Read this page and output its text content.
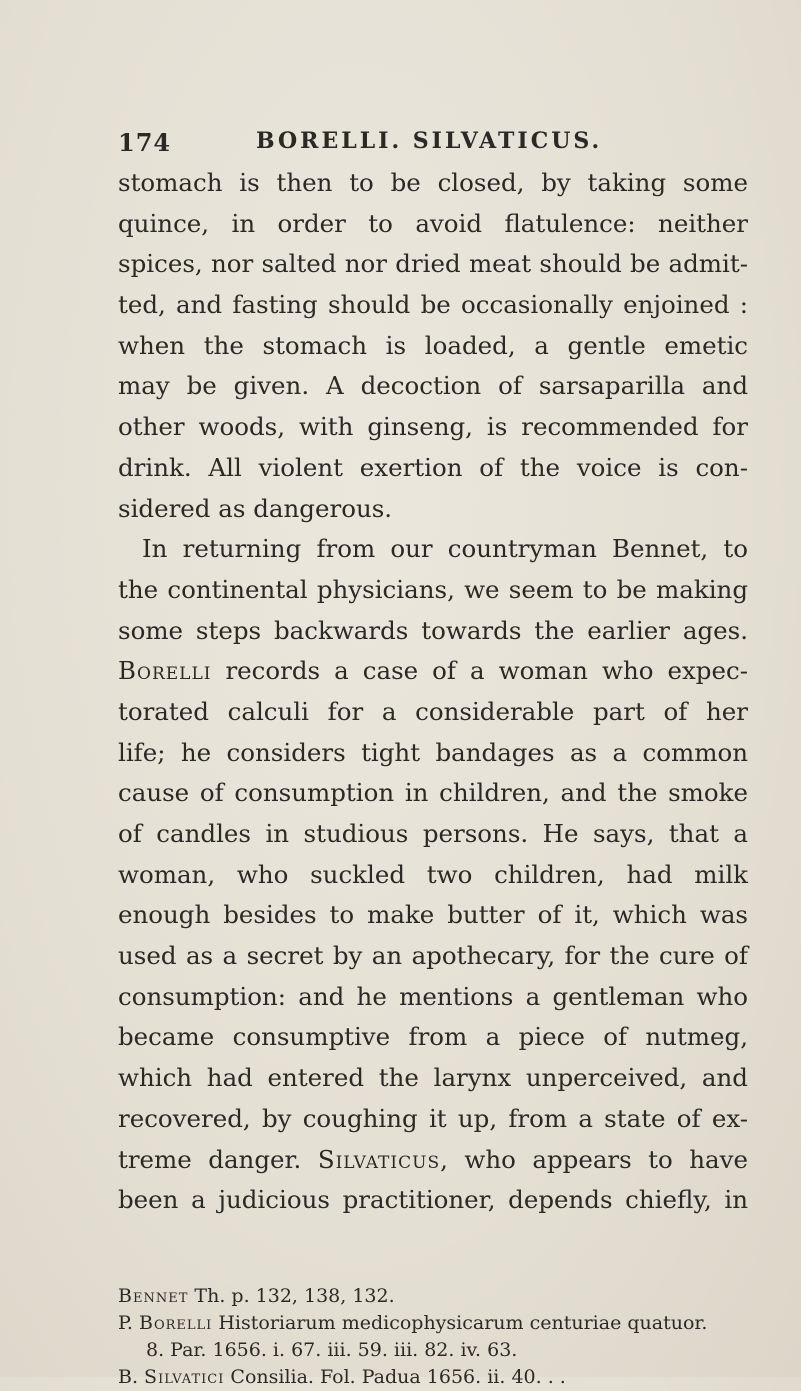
174	BORELLI. SILVATICUS.
stomach is then to be closed, by taking some
quince, in order to avoid flatulence: neither
spices, nor salted nor dried meat should be admit-
ted, and fasting should be occasionally enjoined :
when the stomach is loaded, a gentle emetic
may be given. A decoction of sarsaparilla and
other woods, with ginseng, is recommended for
drink. All violent exertion of the voice is con-
sidered as dangerous.
In returning from our countryman Bennet, to
the continental physicians, we seem to be making
some steps backwards towards the earlier ages.
Borelli records a case of a woman who expec-
torated calculi for a considerable part of her
life; he considers tight bandages as a common
cause of consumption in children, and the smoke
of candles in studious persons. He says, that a
woman, who suckled two children, had milk
enough besides to make butter of it, which was
used as a secret by an apothecary, for the cure of
consumption: and he mentions a gentleman who
became consumptive from a piece of nutmeg,
which had entered the larynx unperceived, and
recovered, by coughing it up, from a state of ex-
treme danger. Silvaticus, who appears to have
been a judicious practitioner, depends chiefly, in
Bennet Th. p. 132, 138, 132.
P. Borelli Historiarum medicophysicarum centuriae quatuor.
8. Par. 1656. i. 67. iii. 59. iii. 82. iv. 63.
B. Silvatici Consilia. Fol. Padua 1656. ii. 40. . .
